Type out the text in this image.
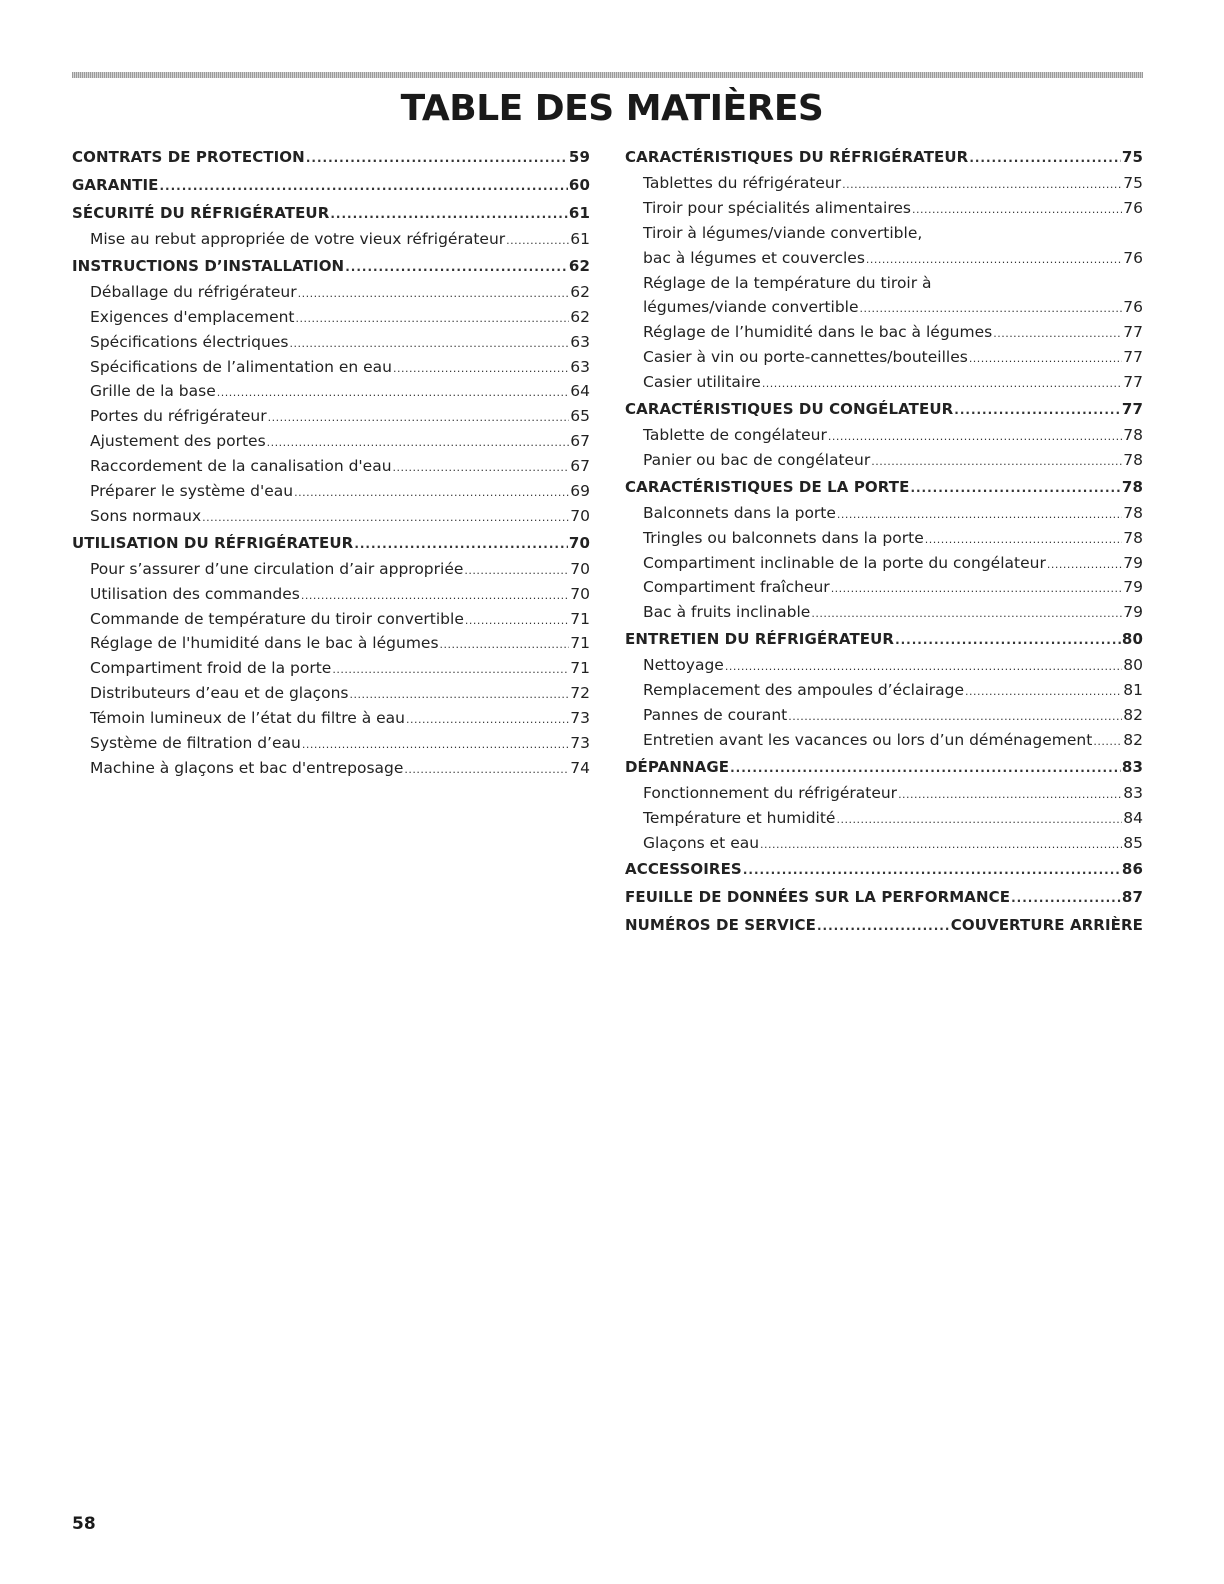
TABLE DES MATIÈRES
CONTRATS DE PROTECTION .....	59
GARANTIE .....	60
SÉCURITÉ DU RÉFRIGÉRATEUR .....	61
Mise au rebut appropriée de votre vieux réfrigérateur .....	61
INSTRUCTIONS D’INSTALLATION .....	62
Déballage du réfrigérateur .....	62
Exigences d'emplacement .....	62
Spécifications électriques .....	63
Spécifications de l’alimentation en eau .....	63
Grille de la base .....	64
Portes du réfrigérateur .....	65
Ajustement des portes .....	67
Raccordement de la canalisation d'eau .....	67
Préparer le système d'eau .....	69
Sons normaux .....	70
UTILISATION DU RÉFRIGÉRATEUR .....	70
Pour s’assurer d’une circulation d’air appropriée .....	70
Utilisation des commandes .....	70
Commande de température du tiroir convertible .....	71
Réglage de l'humidité dans le bac à légumes .....	71
Compartiment froid de la porte .....	71
Distributeurs d’eau et de glaçons .....	72
Témoin lumineux de l’état du filtre à eau .....	73
Système de filtration d’eau .....	73
Machine à glaçons et bac d'entreposage .....	74
CARACTÉRISTIQUES DU RÉFRIGÉRATEUR .....	75
Tablettes du réfrigérateur .....	75
Tiroir pour spécialités alimentaires .....	76
Tiroir à légumes/viande convertible,
bac à légumes et couvercles .....	76
Réglage de la température du tiroir à
légumes/viande convertible .....	76
Réglage de l’humidité dans le bac à légumes .....	77
Casier à vin ou porte-cannettes/bouteilles .....	77
Casier utilitaire .....	77
CARACTÉRISTIQUES DU CONGÉLATEUR .....	77
Tablette de congélateur .....	78
Panier ou bac de congélateur .....	78
CARACTÉRISTIQUES DE LA PORTE .....	78
Balconnets dans la porte .....	78
Tringles ou balconnets dans la porte .....	78
Compartiment inclinable de la porte du congélateur .....	79
Compartiment fraîcheur .....	79
Bac à fruits inclinable .....	79
ENTRETIEN DU RÉFRIGÉRATEUR .....	80
Nettoyage .....	80
Remplacement des ampoules d’éclairage .....	81
Pannes de courant .....	82
Entretien avant les vacances ou lors d’un déménagement ..... 82
DÉPANNAGE .....	83
Fonctionnement du réfrigérateur .....	83
Température et humidité .....	84
Glaçons et eau .....	85
ACCESSOIRES .....	86
FEUILLE DE DONNÉES SUR LA PERFORMANCE .....	87
NUMÉROS DE SERVICE .....	COUVERTURE ARRIÈRE
58
